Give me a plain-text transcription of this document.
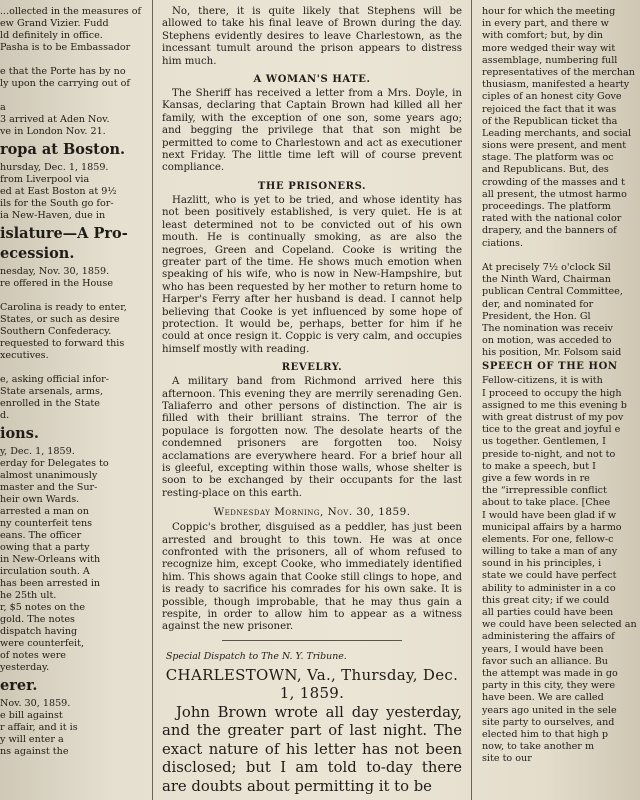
...ollected in the measures of
ew Grand Vizier. Fudd
ld definitely in office.
Pasha is to be Embassador
e that the Porte has by no
ly upon the carrying out of
a
3 arrived at Aden Nov.
ve in London Nov. 21.
ropa at Boston.
hursday, Dec. 1, 1859.
from Liverpool via
ed at East Boston at 9½
ils for the South go for-
ia New-Haven, due in
islature—A Pro-
ecession.
nesday, Nov. 30, 1859.
re offered in the House
Carolina is ready to enter,
States, or such as desire
Southern Confederacy.
requested to forward this
xecutives.
e, asking official infor-
State arsenals, arms,
enrolled in the State
d.
ions.
y, Dec. 1, 1859.
erday for Delegates to
almost unanimously
master and the Sur-
heir own Wards.
arrested a man on
ny counterfeit tens
eans. The officer
owing that a party
in New-Orleans with
irculation south. A
has been arrested in
he 25th ult.
r, $5 notes on the
gold. The notes
dispatch having
were counterfeit,
of notes were
yesterday.
erer.
Nov. 30, 1859.
e bill against
r affair, and it is
y will enter a
ns against the

No, there, it is quite likely that Stephens will be allowed to take his final leave of Brown during the day. Stephens evidently desires to leave Charlestown, as the incessant tumult around the prison appears to distress him much.

A WOMAN'S HATE.

The Sheriff has received a letter from a Mrs. Doyle, in Kansas, declaring that Captain Brown had killed all her family, with the exception of one son, some years ago; and begging the privilege that that son might be permitted to come to Charlestown and act as executioner next Friday. The little time left will of course prevent compliance.

THE PRISONERS.

Hazlitt, who is yet to be tried, and whose identity has not been positively established, is very quiet. He is at least determined not to be convicted out of his own mouth. He is continually smoking, as are also the negroes, Green and Copeland. Cooke is writing the greater part of the time. He shows much emotion when speaking of his wife, who is now in New-Hampshire, but who has been requested by her mother to return home to Harper's Ferry after her husband is dead. I cannot help believing that Cooke is yet influenced by some hope of protection. It would be, perhaps, better for him if he could at once resign it. Coppic is very calm, and occupies himself mostly with reading.

REVELRY.

A military band from Richmond arrived here this afternoon. This evening they are merrily serenading Gen. Taliaferro and other persons of distinction. The air is filled with their brilliant strains. The terror of the populace is forgotten now. The desolate hearts of the condemned prisoners are forgotten too. Noisy acclamations are everywhere heard. For a brief hour all is gleeful, excepting within those walls, whose shelter is soon to be exchanged by their occupants for the last resting-place on this earth.

Wednesday Morning, Nov. 30, 1859.

Coppic's brother, disguised as a peddler, has just been arrested and brought to this town. He was at once confronted with the prisoners, all of whom refused to recognize him, except Cooke, who immediately identified him. This shows again that Cooke still clings to hope, and is ready to sacrifice his comrades for his own sake. It is possible, though improbable, that he may thus gain a respite, in order to allow him to appear as a witness against the new prisoner.

Special Dispatch to The N. Y. Tribune.
CHARLESTOWN, Va., Thursday, Dec. 1, 1859.

John Brown wrote all day yesterday, and the greater part of last night. The exact nature of his letter has not been disclosed; but I am told to-day there are doubts about permitting it to be

hour for which the meeting
in every part, and there w
with comfort; but, by din
more wedged their way wit
assemblage, numbering full
representatives of the merchan
thusiasm, manifested a hearty
ciples of an honest city Gove
rejoiced the fact that it was
of the Republican ticket tha
Leading merchants, and social
sions were present, and ment
stage. The platform was oc
and Republicans. But, des
crowding of the masses and t
all present, the utmost harmo
proceedings. The platform
rated with the national color
drapery, and the banners of
ciations.
At precisely 7½ o'clock Sil
the Ninth Ward, Chairman
publican Central Committee,
der, and nominated for
President, the Hon. Gl
The nomination was receiv
on motion, was acceded to
his position, Mr. Folsom said
SPEECH OF THE HON
Fellow-citizens, it is with
I proceed to occupy the high
assigned to me this evening b
with great distrust of my pov
tice to the great and joyful e
us together. Gentlemen, I
preside to-night, and not to
to make a speech, but I
give a few words in re
the “irrepressible conflict
about to take place. [Chee
I would have been glad if w
municipal affairs by a harmo
elements. For one, fellow-c
willing to take a man of any
sound in his principles, i
state we could have perfect
ability to administer in a co
this great city; if we could
all parties could have been
we could have been selected an
administering the affairs of
years, I would have been
favor such an alliance. Bu
the attempt was made in go
party in this city, they were
have been. We are called
years ago united in the sele
site party to ourselves, and
elected him to that high p
now, to take another m
site to our
